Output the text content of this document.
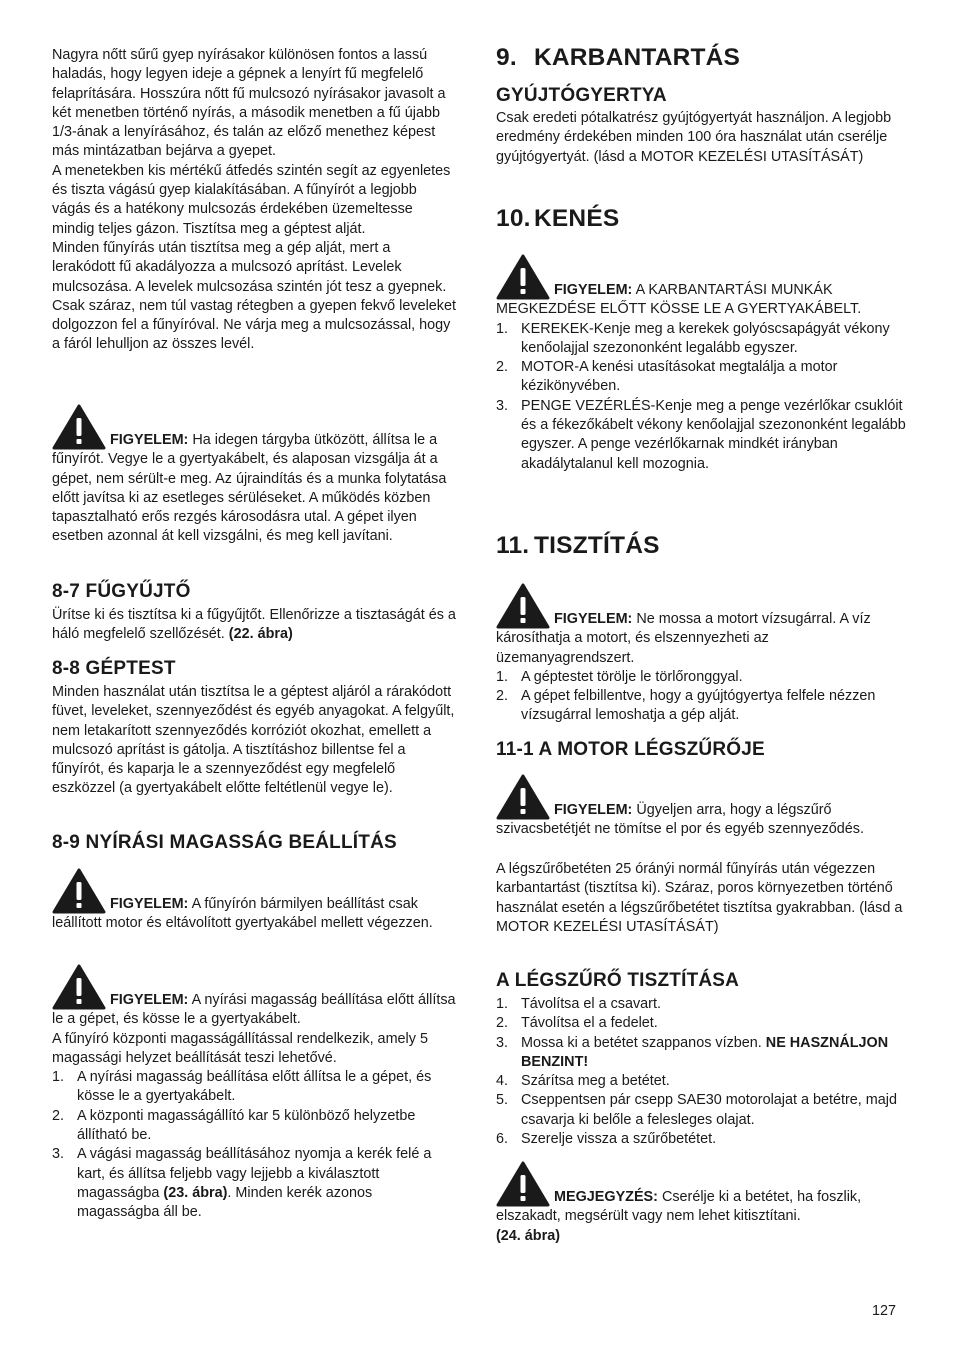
Nagyra nőtt sűrű gyep nyírásakor különösen fontos a lassú haladás, hogy legyen ideje a gépnek a lenyírt fű megfelelő felaprítására. Hosszúra nőtt fű mulcsozó nyírásakor javasolt a két menetben történő nyírás, a második menetben a fű újabb 1/3-ának a lenyírásához, és talán az előző menethez képest más mintázatban bejárva a gyepet.
A menetekben kis mértékű átfedés szintén segít az egyenletes és tiszta vágású gyep kialakításában. A fűnyírót a legjobb vágás és a hatékony mulcsozás érdekében üzemeltesse mindig teljes gázon. Tisztítsa meg a géptest alját.
Minden fűnyírás után tisztítsa meg a gép alját, mert a lerakódott fű akadályozza a mulcsozó aprítást. Levelek mulcsozása. A levelek mulcsozása szintén jót tesz a gyepnek. Csak száraz, nem túl vastag rétegben a gyepen fekvő leveleket dolgozzon fel a fűnyíróval. Ne várja meg a mulcsozással, hogy a fáról lehulljon az összes levél.

FIGYELEM: Ha idegen tárgyba ütközött, állítsa le a fűnyírót. Vegye le a gyertyakábelt, és alaposan vizsgálja át a gépet, nem sérült-e meg. Az újraindítás és a munka folytatása előtt javítsa ki az esetleges sérüléseket. A működés közben tapasztalható erős rezgés károsodásra utal. A gépet ilyen esetben azonnal át kell vizsgálni, és meg kell javítani.

8-7 FŰGYŰJTŐ

Ürítse ki és tisztítsa ki a fűgyűjtőt. Ellenőrizze a tisztaságát és a háló megfelelő szellőzését. (22. ábra)

8-8 GÉPTEST

Minden használat után tisztítsa le a géptest aljáról a rárakódott füvet, leveleket, szennyeződést és egyéb anyagokat. A felgyűlt, nem letakarított szennyeződés korróziót okozhat, emellett a mulcsozó aprítást is gátolja. A tisztításhoz billentse fel a fűnyírót, és kaparja le a szennyeződést egy megfelelő eszközzel (a gyertyakábelt előtte feltétlenül vegye le).

8-9 NYÍRÁSI MAGASSÁG BEÁLLÍTÁS

FIGYELEM: A fűnyírón bármilyen beállítást csak leállított motor és eltávolított gyertyakábel mellett végezzen.

FIGYELEM: A nyírási magasság beállítása előtt állítsa le a gépet, és kösse le a gyertyakábelt.

A fűnyíró központi magasságállítással rendelkezik, amely 5 magassági helyzet beállítását teszi lehetővé.

1. A nyírási magasság beállítása előtt állítsa le a gépet, és kösse le a gyertyakábelt.
2. A központi magasságállító kar 5 különböző helyzetbe állítható be.
3. A vágási magasság beállításához nyomja a kerék felé a kart, és állítsa feljebb vagy lejjebb a kiválasztott magasságba (23. ábra). Minden kerék azonos magasságba áll be.
9. KARBANTARTÁS
GYÚJTÓGYERTYA

Csak eredeti pótalkatrész gyújtógyertyát használjon. A legjobb eredmény érdekében minden 100 óra használat után cserélje gyújtógyertyát. (lásd a MOTOR KEZELÉSI UTASÍTÁSÁT)

10. KENÉS

FIGYELEM: A KARBANTARTÁSI MUNKÁK MEGKEZDÉSE ELŐTT KÖSSE LE A GYERTYAKÁBELT.

1. KEREKEK-Kenje meg a kerekek golyóscsapágyát vékony kenőolajjal szezononként legalább egyszer.
2. MOTOR-A kenési utasításokat megtalálja a motor kézikönyvében.
3. PENGE VEZÉRLÉS-Kenje meg a penge vezérlőkar csuklóit és a fékezőkábelt vékony kenőolajjal szezononként legalább egyszer. A penge vezérlőkarnak mindkét irányban akadálytalanul kell mozognia.
11. TISZTÍTÁS

FIGYELEM: Ne mossa a motort vízsugárral. A víz károsíthatja a motort, és elszennyezheti az üzemanyagrendszert.

1. A géptestet törölje le törlőronggyal.
2. A gépet felbillentve, hogy a gyújtógyertya felfele nézzen vízsugárral lemoshatja a gép alját.
11-1 A MOTOR LÉGSZŰRŐJE

FIGYELEM: Ügyeljen arra, hogy a légszűrő szivacsbetétjét ne tömítse el por és egyéb szennyeződés.

A légszűrőbetéten 25 óránýi normál fűnyírás után végezzen karbantartást (tisztítsa ki). Száraz, poros környezetben történő használat esetén a légszűrőbetétet tisztítsa gyakrabban. (lásd a MOTOR KEZELÉSI UTASÍTÁSÁT)

A LÉGSZŰRŐ TISZTÍTÁSA
1. Távolítsa el a csavart.
2. Távolítsa el a fedelet.
3. Mossa ki a betétet szappanos vízben. NE HASZNÁLJON BENZINT!
4. Szárítsa meg a betétet.
5. Cseppentsen pár csepp SAE30 motorolajat a betétre, majd csavarja ki belőle a felesleges olajat.
6. Szerelje vissza a szűrőbetétet.

MEGJEGYZÉS: Cserélje ki a betétet, ha foszlik, elszakadt, megsérült vagy nem lehet kitisztítani.

(24. ábra)

127
